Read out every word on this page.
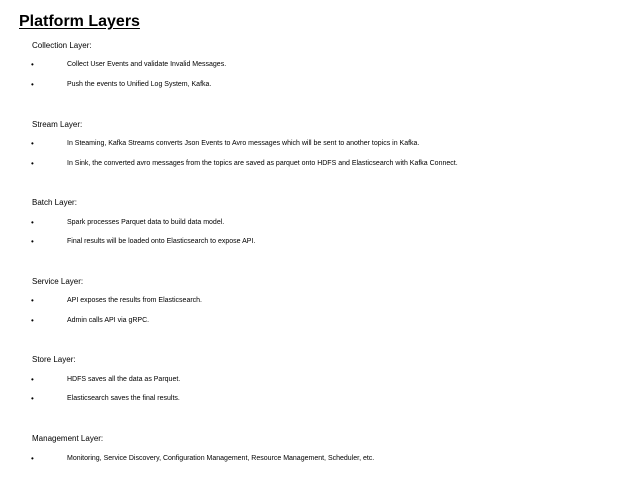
Platform Layers
Collection Layer:
•	Collect User Events and validate Invalid Messages.
•	Push the events to Unified Log System, Kafka.
Stream Layer:
•	In Steaming, Kafka Streams converts Json Events to Avro messages which will be sent to another topics in Kafka.
•	In Sink, the converted avro messages from the topics are saved as parquet onto HDFS and Elasticsearch with Kafka Connect.
Batch Layer:
•	Spark processes Parquet data to build data model.
•	Final results will be loaded onto Elasticsearch to expose API.
Service Layer:
•	API exposes the results from Elasticsearch.
•	Admin calls API via gRPC.
Store Layer:
•	HDFS saves all the data as Parquet.
•	Elasticsearch saves the final results.
Management Layer:
•	Monitoring, Service Discovery, Configuration Management, Resource Management, Scheduler, etc.
